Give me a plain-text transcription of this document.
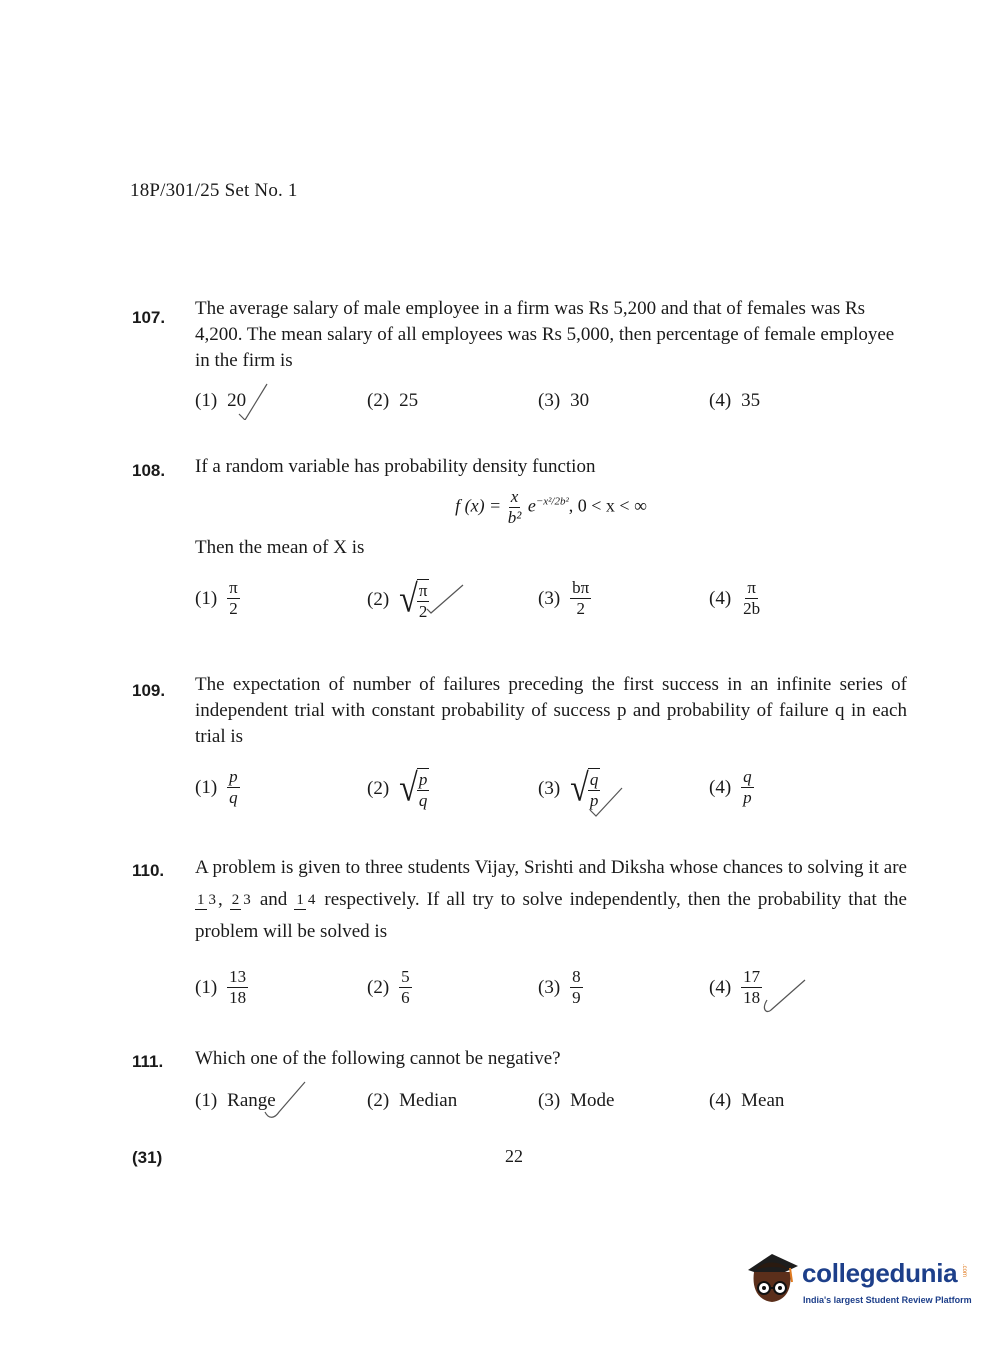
18P/301/25 Set No. 1
107. The average salary of male employee in a firm was Rs 5,200 and that of females was Rs 4,200. The mean salary of all employees was Rs 5,000, then percentage of female employee in the firm is
(1) 20	(2) 25	(3) 30	(4) 35
108. If a random variable has probability density function
f $(x) = \frac{x}{\text{b²}} e^{-x^2/2b^2}$, 0 < x < ∞
Then the mean of X is
$(1) \frac{\pi}{2}$	(2) √ $\frac{\pi}{2}$	$(3) \frac{b\pi}{2}$	$(4) \frac{\pi}{2b}$
109. The expectation of number of failures preceding the first success in an infinite series of independent trial with constant probability of success p and probability of failure q in each trial is
$(1) \frac{p}{q}$	(2) √ $\frac{p}{q}$	(3) √ $\frac{q}{p}$	$(4) \frac{q}{p}$
110. A problem is given to three students Vijay, Srishti and Diksha whose chances to solving it are 1 3 , 2 3 and 1 4 respectively. If all try to solve independently, then the probability that the problem will be solved is
$(1) \frac{13}{18}$	$(2) \frac{5}{6}$	$(3) \frac{8}{9}$	$(4) \frac{17}{18}$
111. Which one of the following cannot be negative?
(1) Range	(2) Median	(3) Mode	(4) Mean
(31)	22
collegedunia .com
India's largest Student Review Platform
